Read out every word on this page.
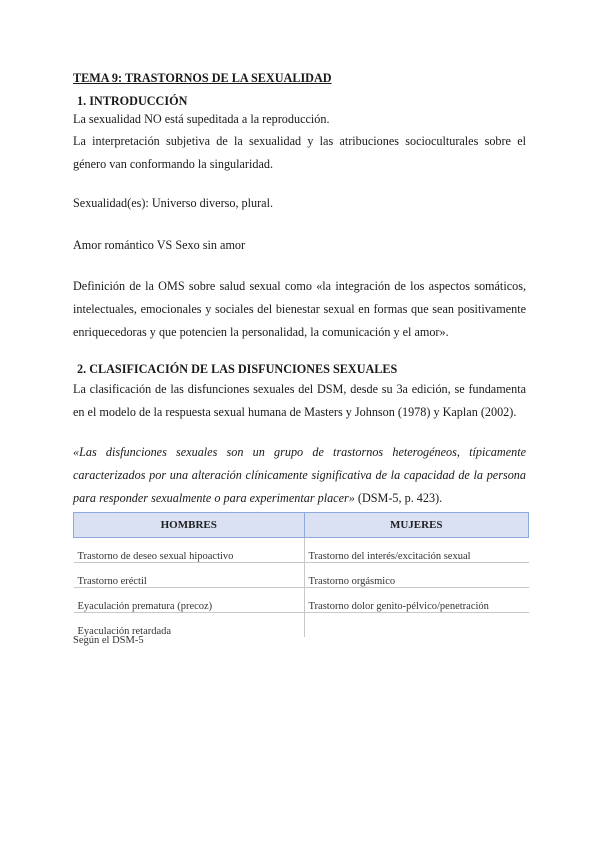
TEMA 9: TRASTORNOS DE LA SEXUALIDAD
1. INTRODUCCIÓN
La sexualidad NO está supeditada a la reproducción.
La interpretación subjetiva de la sexualidad y las atribuciones socioculturales sobre el género van conformando la singularidad.
Sexualidad(es): Universo diverso, plural.
Amor romántico VS Sexo sin amor
Definición de la OMS sobre salud sexual como «la integración de los aspectos somáticos, intelectuales, emocionales y sociales del bienestar sexual en formas que sean positivamente enriquecedoras y que potencien la personalidad, la comunicación y el amor».
2. CLASIFICACIÓN DE LAS DISFUNCIONES SEXUALES
La clasificación de las disfunciones sexuales del DSM, desde su 3a edición, se fundamenta en el modelo de la respuesta sexual humana de Masters y Johnson (1978) y Kaplan (2002).
«Las disfunciones sexuales son un grupo de trastornos heterogéneos, típicamente caracterizados por una alteración clínicamente significativa de la capacidad de la persona para responder sexualmente o para experimentar placer» (DSM-5, p. 423).
HOMBRES	MUJERES
Trastorno de deseo sexual hipoactivo	Trastorno del interés/excitación sexual
Trastorno eréctil	Trastorno orgásmico
Eyaculación prematura (precoz)	Trastorno dolor genito-pélvico/penetración
Eyaculación retardada	
Según el DSM-5
